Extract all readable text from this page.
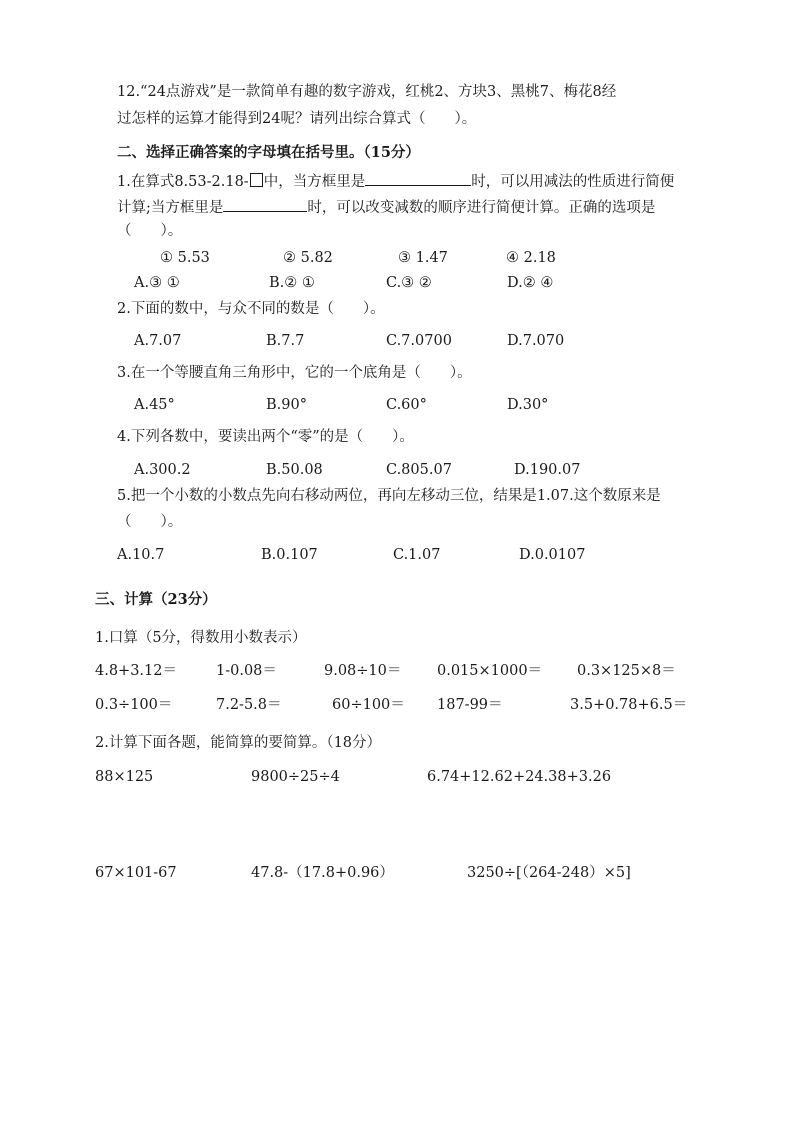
12.“24点游戏”是一款简单有趣的数字游戏，红桃2、方块3、黑桃7、梅花8经
过怎样的运算才能得到24呢？请列出综合算式（　　）。
二、选择正确答案的字母填在括号里。（15分）
1.在算式8.53-2.18- 中，当方框里是	时，可以用减法的性质进行简便
计算;当方框里是	时，可以改变减数的顺序进行简便计算。正确的选项是
（　　）。
① 5.53	② 5.82	③ 1.47	④ 2.18
A.③ ①	B.② ①	C.③ ②	D.② ④
2.下面的数中，与众不同的数是（　　）。
A.7.07	B.7.7	C.7.0700	D.7.070
3.在一个等腰直角三角形中，它的一个底角是（　　）。
A.45°	B.90°	C.60°	D.30°
4.下列各数中，要读出两个“零”的是（　　）。
A.300.2	B.50.08	C.805.07	D.190.07
5.把一个小数的小数点先向右移动两位，再向左移动三位，结果是1.07.这个数原来是
（　　）。
A.10.7	B.0.107	C.1.07	D.0.0107
三、计算（23分）
1.口算（5分，得数用小数表示）
4.8+3.12＝	1-0.08＝	9.08÷10＝ 0.015×1000＝ 0.3×125×8＝
0.3÷100＝	7.2-5.8＝	60÷100＝ 187-99＝	3.5+0.78+6.5＝
2.计算下面各题，能简算的要简算。（18分）
88×125	9800÷25÷4	6.74+12.62+24.38+3.26
67×101-67	47.8-（17.8+0.96）	3250÷[（264-248）×5]
